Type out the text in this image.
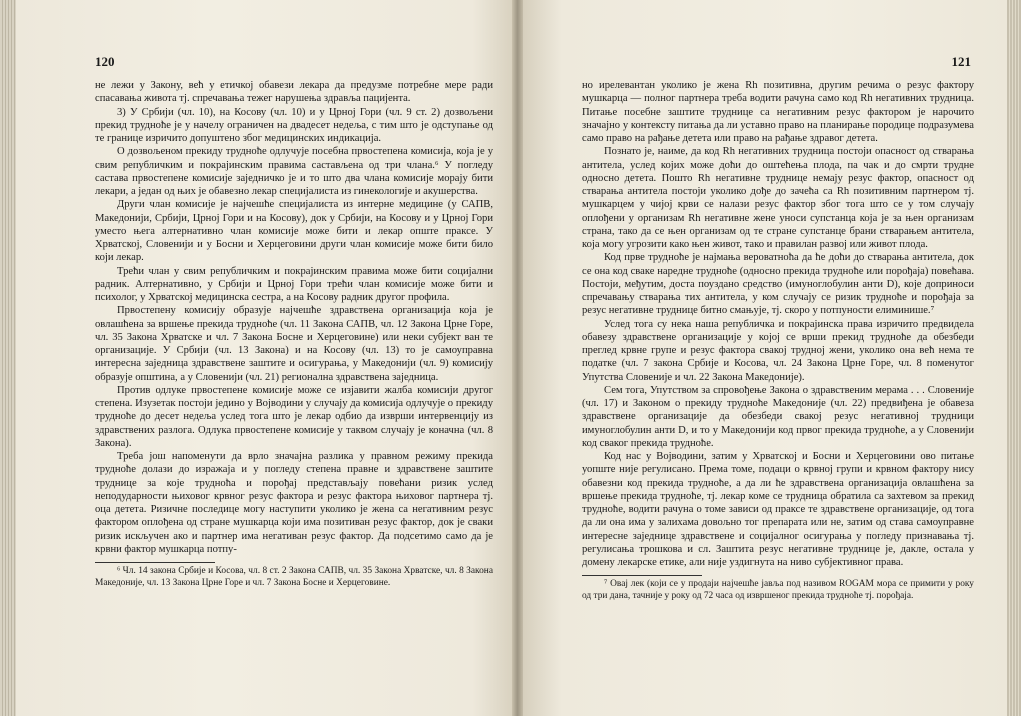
120

не лежи у Закону, већ у етичкој обавези лекара да предузме потребне мере ради спасавања живота тј. спречавања тежег нарушења здравља пацијента.

3) У Србији (чл. 10), на Косову (чл. 10) и у Црној Гори (чл. 9 ст. 2) дозвољени прекид трудноће је у начелу ограничен на двадесет недеља, с тим што је одступање од те границе изричито допуштено због медицинских индикација.

О дозвољеном прекиду трудноће одлучује посебна првостепена комисија, која је у свим републичким и покрајинским правима састављена од три члана.⁶ У погледу састава првостепене комисије заједничко је и то што два члана комисије морају бити лекари, а један од њих је обавезно лекар специјалиста из гинекологије и акушерства.

Други члан комисије је најчешће специјалиста из интерне медицине (у САПВ, Македонији, Србији, Црној Гори и на Косову), док у Србији, на Косову и у Црној Гори уместо њега алтернативно члан комисије може бити и лекар опште праксе. У Хрватској, Словенији и у Босни и Херцеговини други члан комисије може бити било који лекар.

Трећи члан у свим републичким и покрајинским правима може бити социјални радник. Алтернативно, у Србији и Црној Гори трећи члан комисије може бити и психолог, у Хрватској медицинска сестра, а на Косову радник другог профила.

Првостепену комисију образује најчешће здравствена организација која је овлашћена за вршење прекида трудноће (чл. 11 Закона САПВ, чл. 12 Закона Црне Горе, чл. 35 Закона Хрватске и чл. 7 Закона Босне и Херцеговине) или неки субјект ван те организације. У Србији (чл. 13 Закона) и на Косову (чл. 13) то је самоуправна интересна заједница здравствене заштите и осигурања, у Македонији (чл. 9) комисију образује општина, а у Словенији (чл. 21) регионална здравствена заједница.

Против одлуке првостепене комисије може се изјавити жалба комисији другог степена. Изузетак постоји једино у Војводини у случају да комисија одлучује о прекиду трудноће до десет недеља услед тога што је лекар одбио да изврши интервенцију из здравствених разлога. Одлука првостепене комисије у таквом случају је коначна (чл. 8 Закона).

Треба још напоменути да врло значајна разлика у правном режиму прекида трудноће долази до изражаја и у погледу степена правне и здравствене заштите труднице за које трудноћа и порођај представљају повећани ризик услед неподударности њиховог крвног резус фактора и резус фактора њиховог партнера тј. оца детета. Ризичне последице могу наступити уколико је жена са негативним резус фактором оплођена од стране мушкарца који има позитиван резус фактор, док је сваки ризик искључен ако и партнер има негативан резус фактор. Да подсетимо само да је крвни фактор мушкарца потпу-

⁶ Чл. 14 закона Србије и Косова, чл. 8 ст. 2 Закона САПВ, чл. 35 Закона Хрватске, чл. 8 Закона Македоније, чл. 13 Закона Црне Горе и чл. 7 Закона Босне и Херцеговине.

121

но ирелевантан уколико је жена Rh позитивна, другим речима о резус фактору мушкарца — полног партнера треба водити рачуна само код Rh негативних трудница. Питање посебне заштите труднице са негативним резус фактором је нарочито значајно у контексту питања да ли уставно право на планирање породице подразумева само право на рађање детета или право на рађање здравог детета.

Познато је, наиме, да код Rh негативних трудница постоји опасност од стварања антитела, услед којих може доћи до оштећења плода, па чак и до смрти трудне односно детета. Пошто Rh негативне труднице немају резус фактор, опасност од стварања антитела постоји уколико дође до зачећа са Rh позитивним партнером тј. мушкарцем у чијој крви се налази резус фактор због тога што се у том случају оплођени у организам Rh негативне жене уноси супстанца која је за њен организам страна, тако да се њен организам од те стране супстанце брани стварањем антитела, која могу угрозити како њен живот, тако и правилан развој или живот плода.

Код прве трудноће је најмања вероватноћа да ће доћи до стварања антитела, док се она код сваке наредне трудноће (односно прекида трудноће или порођаја) повећава. Постоји, међутим, доста поуздано средство (имуноглобулин анти D), које доприноси спречавању стварања тих антитела, у ком случају се ризик трудноће и порођаја за резус негативне труднице битно смањује, тј. скоро у потпуности елиминише.⁷

Услед тога су нека наша републичка и покрајинска права изричито предвидела обавезу здравствене организације у којој се врши прекид трудноће да обезбеди преглед крвне групе и резус фактора свакој трудној жени, уколико она већ нема те податке (чл. 7 закона Србије и Косова, чл. 24 Закона Црне Горе, чл. 8 поменутог Упутства Словеније и чл. 22 Закона Македоније).

Сем тога, Упутством за спровођење Закона о здравственим мерама . . . Словеније (чл. 17) и Законом о прекиду трудноће Македоније (чл. 22) предвиђена је обавеза здравствене организације да обезбеди свакој резус негативној трудници имуноглобулин анти D, и то у Македонији код првог прекида трудноће, а у Словенији код сваког прекида трудноће.

Код нас у Војводини, затим у Хрватској и Босни и Херцеговини ово питање уопште није регулисано. Према томе, подаци о крвној групи и крвном фактору нису обавезни код прекида трудноће, а да ли ће здравствена организација овлашћена за вршење прекида трудноће, тј. лекар коме се трудница обратила са захтевом за прекид трудноће, водити рачуна о томе зависи од праксе те здравствене организације, од тога да ли она има у залихама довољно тог препарата или не, затим од става самоуправне интересне заједнице здравствене и социјалног осигурања у погледу признавања тј. регулисања трошкова и сл. Заштита резус негативне труднице је, дакле, остала у домену лекарске етике, али није уздигнута на ниво субјективног права.

⁷ Овај лек (који се у продаји најчешће јавља под називом ROGAM мора се примити у року од три дана, тачније у року од 72 часа од извршеног прекида трудноће тј. порођаја.
